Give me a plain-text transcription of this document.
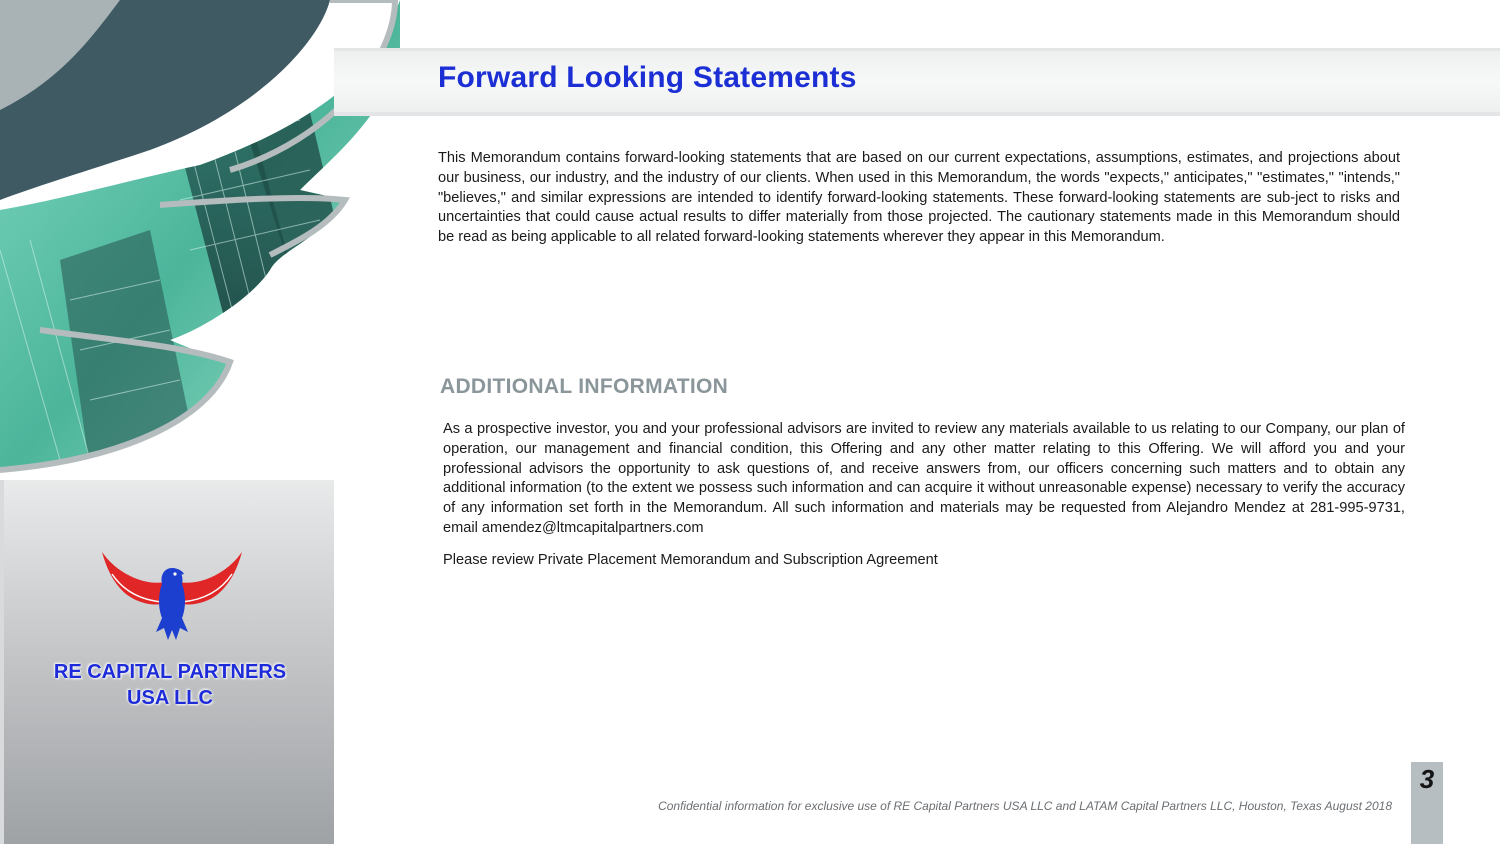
RE CAPITAL PARTNERS
USA LLC
Forward Looking Statements

This Memorandum contains forward-looking statements that are based on our current expectations, assumptions, estimates, and projections about our business, our industry, and the industry of our clients. When used in this Memorandum, the words "expects," anticipates," "estimates," "intends," "believes," and similar expressions are intended to identify forward-looking statements. These forward-looking statements are sub-ject to risks and uncertainties that could cause actual results to differ materially from those projected. The cautionary statements made in this Memorandum should be read as being applicable to all related forward-looking statements wherever they appear in this Memorandum.

ADDITIONAL INFORMATION

As a prospective investor, you and your professional advisors are invited to review any materials available to us relating to our Company, our plan of operation, our management and financial condition, this Offering and any other matter relating to this Offering. We will afford you and your professional advisors the opportunity to ask questions of, and receive answers from, our officers concerning such matters and to obtain any additional information (to the extent we possess such information and can acquire it without unreasonable expense) necessary to verify the accuracy of any information set forth in the Memorandum. All such information and materials may be requested from Alejandro Mendez at 281-995-9731, email amendez@ltmcapitalpartners.com

Please review Private Placement Memorandum and Subscription Agreement

Confidential information for exclusive use of RE Capital Partners USA LLC and LATAM Capital Partners LLC, Houston, Texas August 2018
3
